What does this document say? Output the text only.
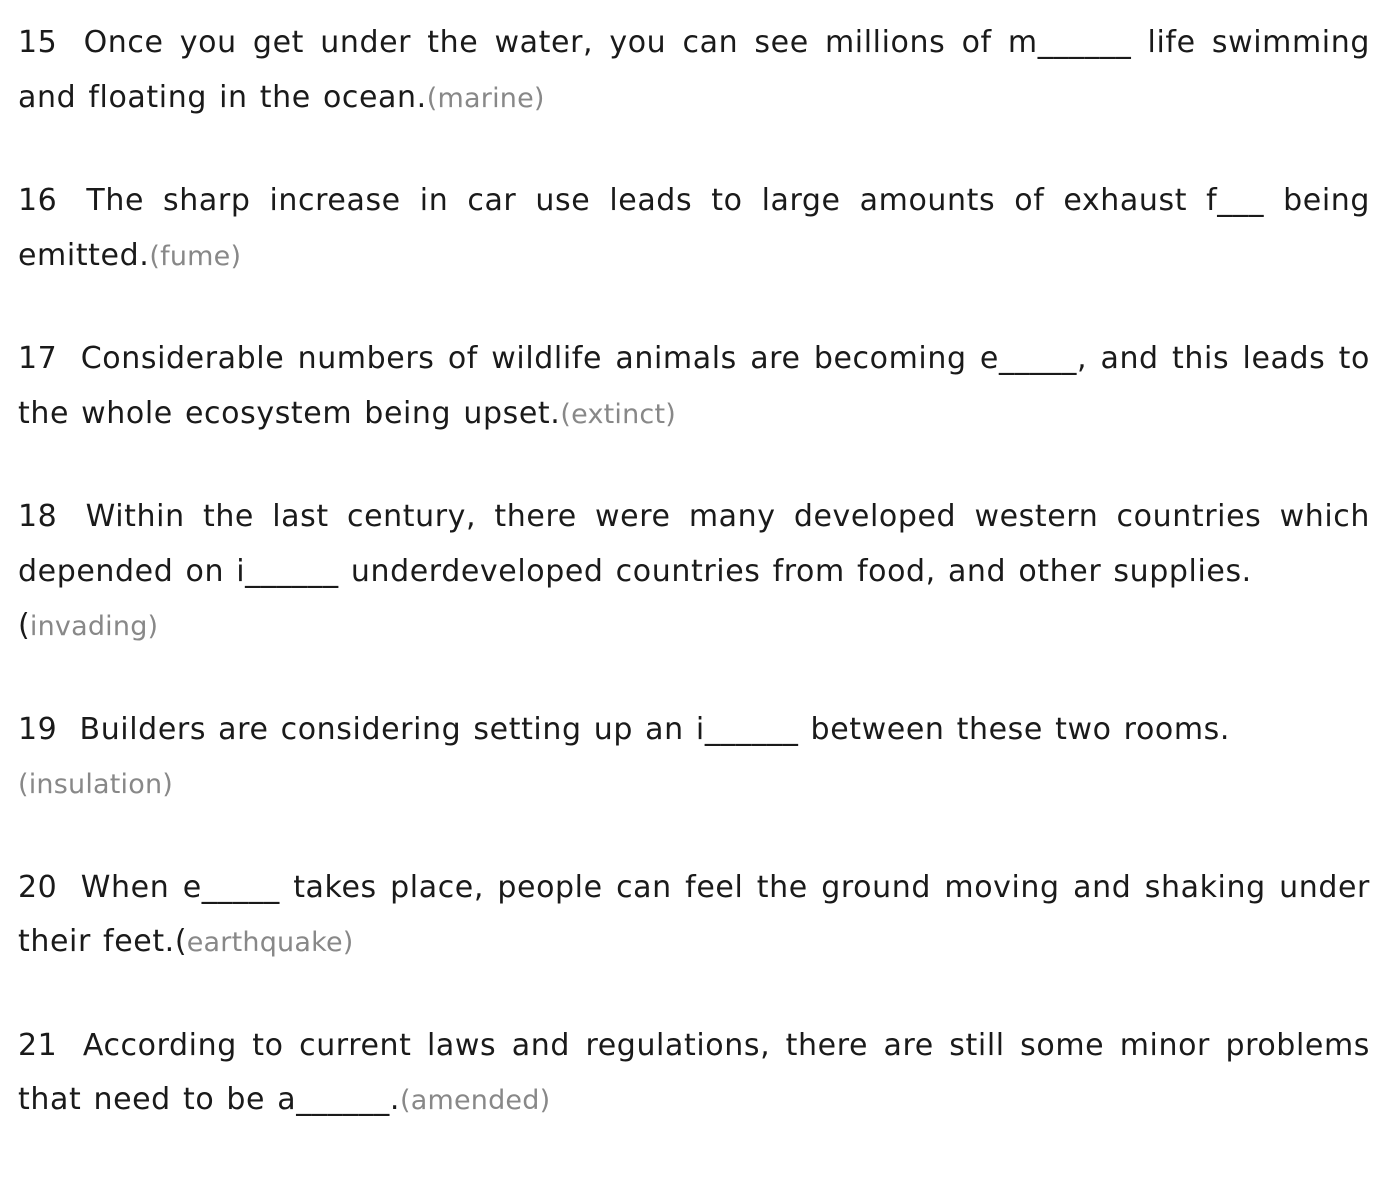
15 Once you get under the water, you can see millions of m______ life swimming and floating in the ocean.(marine)

16 The sharp increase in car use leads to large amounts of exhaust f___ being emitted.(fume)

17 Considerable numbers of wildlife animals are becoming e_____, and this leads to the whole ecosystem being upset.(extinct)

18 Within the last century, there were many developed western countries which depended on i______ underdeveloped countries from food, and other supplies.
(invading)

19 Builders are considering setting up an i______ between these two rooms.
(insulation)

20 When e_____ takes place, people can feel the ground moving and shaking under their feet.(earthquake)

21 According to current laws and regulations, there are still some minor problems that need to be a______.(amended)
